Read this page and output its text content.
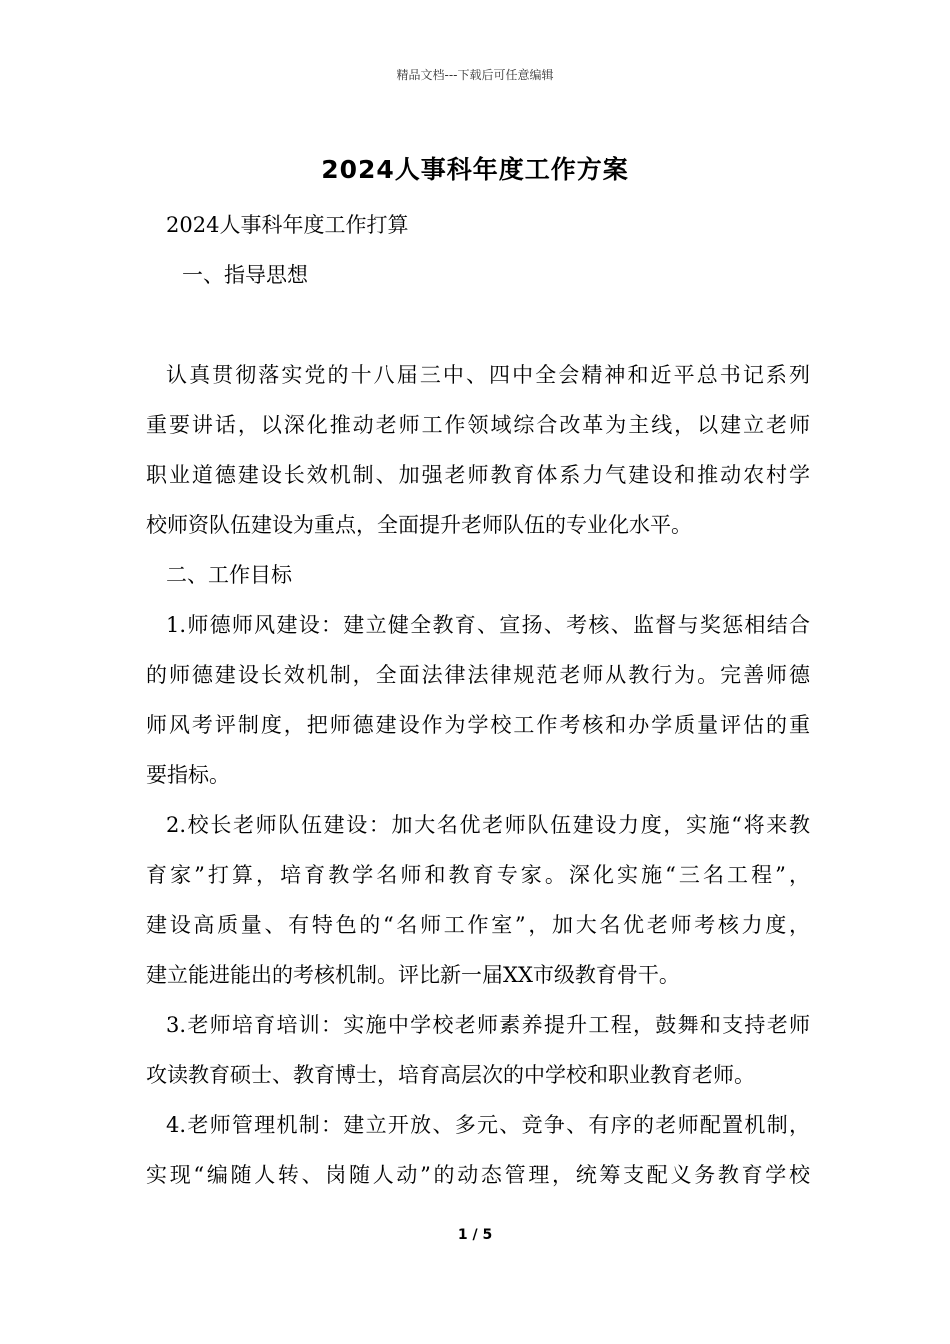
精品文档---下载后可任意编辑
2024人事科年度工作方案
2024人事科年度工作打算
一、指导思想
认真贯彻落实党的十八届三中、四中全会精神和近平总书记系列
重要讲话，以深化推动老师工作领域综合改革为主线，以建立老师
职业道德建设长效机制、加强老师教育体系力气建设和推动农村学
校师资队伍建设为重点，全面提升老师队伍的专业化水平。
二、工作目标
1.师德师风建设：建立健全教育、宣扬、考核、监督与奖惩相结合
的师德建设长效机制，全面法律法律规范老师从教行为。完善师德
师风考评制度，把师德建设作为学校工作考核和办学质量评估的重
要指标。
2.校长老师队伍建设：加大名优老师队伍建设力度，实施“将来教
育家”打算，培育教学名师和教育专家。深化实施“三名工程”，
建设高质量、有特色的“名师工作室”，加大名优老师考核力度，
建立能进能出的考核机制。评比新一届XX市级教育骨干。
3.老师培育培训：实施中学校老师素养提升工程，鼓舞和支持老师
攻读教育硕士、教育博士，培育高层次的中学校和职业教育老师。
4.老师管理机制：建立开放、多元、竞争、有序的老师配置机制，
实现“编随人转、岗随人动”的动态管理，统筹支配义务教育学校
1 / 5
